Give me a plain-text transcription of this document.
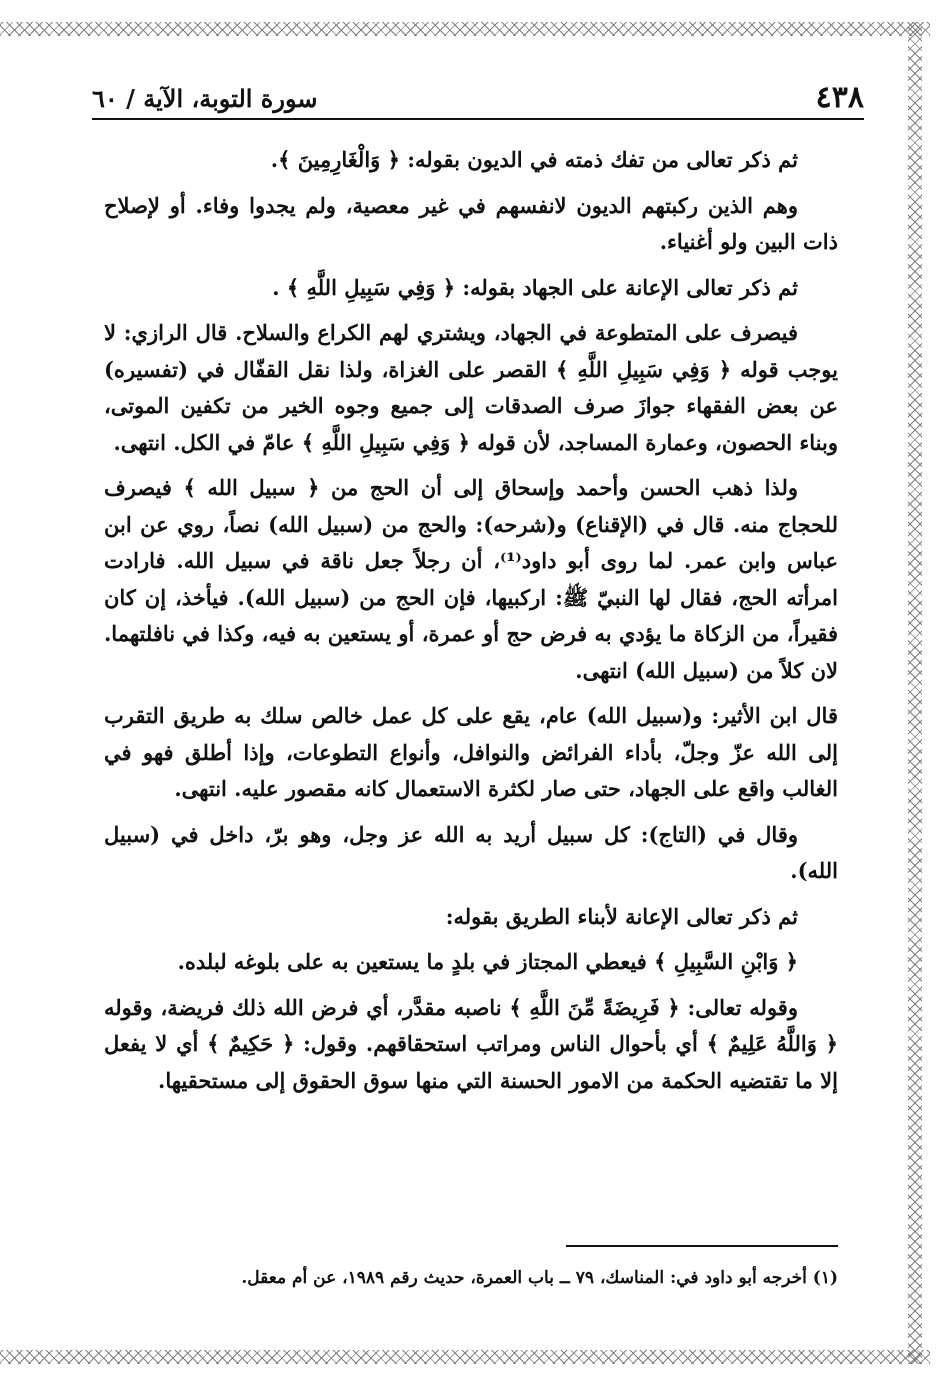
٤٣٨
سورة التوبة، الآية / ٦٠

ثم ذكر تعالى من تفك ذمته في الديون بقوله: ﴿ وَالْغَارِمِينَ ﴾.

وهم الذين ركبتهم الديون لانفسهم في غير معصية، ولم يجدوا وفاء. أو لإصلاح ذات البين ولو أغنياء.

ثم ذكر تعالى الإعانة على الجهاد بقوله: ﴿ وَفِي سَبِيلِ اللَّهِ ﴾ .

فيصرف على المتطوعة في الجهاد، ويشتري لهم الكراع والسلاح. قال الرازي: لا يوجب قوله ﴿ وَفِي سَبِيلِ اللَّهِ ﴾ القصر على الغزاة، ولذا نقل القفّال في (تفسيره) عن بعض الفقهاء جوازَ صرف الصدقات إلى جميع وجوه الخير من تكفين الموتى، وبناء الحصون، وعمارة المساجد، لأن قوله ﴿ وَفِي سَبِيلِ اللَّهِ ﴾ عامّ في الكل. انتهى.

ولذا ذهب الحسن وأحمد وإسحاق إلى أن الحج من ﴿ سبيل الله ﴾ فيصرف للحجاج منه. قال في (الإقناع) و(شرحه): والحج من (سبيل الله) نصاً، روي عن ابن عباس وابن عمر. لما روى أبو داود⁽¹⁾، أن رجلاً جعل ناقة في سبيل الله. فارادت امرأته الحج، فقال لها النبيّ ﷺ: اركبيها، فإن الحج من (سبيل الله). فيأخذ، إن كان فقيراً، من الزكاة ما يؤدي به فرض حج أو عمرة، أو يستعين به فيه، وكذا في نافلتهما. لان كلاً من (سبيل الله) انتهى.

قال ابن الأثير: و(سبيل الله) عام، يقع على كل عمل خالص سلك به طريق التقرب إلى الله عزّ وجلّ، بأداء الفرائض والنوافل، وأنواع التطوعات، وإذا أطلق فهو في الغالب واقع على الجهاد، حتى صار لكثرة الاستعمال كانه مقصور عليه. انتهى.

وقال في (التاج): كل سبيل أريد به الله عز وجل، وهو برّ، داخل في (سبيل الله).

ثم ذكر تعالى الإعانة لأبناء الطريق بقوله:

﴿ وَابْنِ السَّبِيلِ ﴾ فيعطي المجتاز في بلدٍ ما يستعين به على بلوغه لبلده.

وقوله تعالى: ﴿ فَرِيضَةً مِّنَ اللَّهِ ﴾ ناصبه مقدَّر، أي فرض الله ذلك فريضة، وقوله ﴿ وَاللَّهُ عَلِيمٌ ﴾ أي بأحوال الناس ومراتب استحقاقهم. وقول: ﴿ حَكِيمٌ ﴾ أي لا يفعل إلا ما تقتضيه الحكمة من الامور الحسنة التي منها سوق الحقوق إلى مستحقيها.

(١) أخرجه أبو داود في: المناسك، ٧٩ ــ باب العمرة، حديث رقم ١٩٨٩، عن أم معقل.
